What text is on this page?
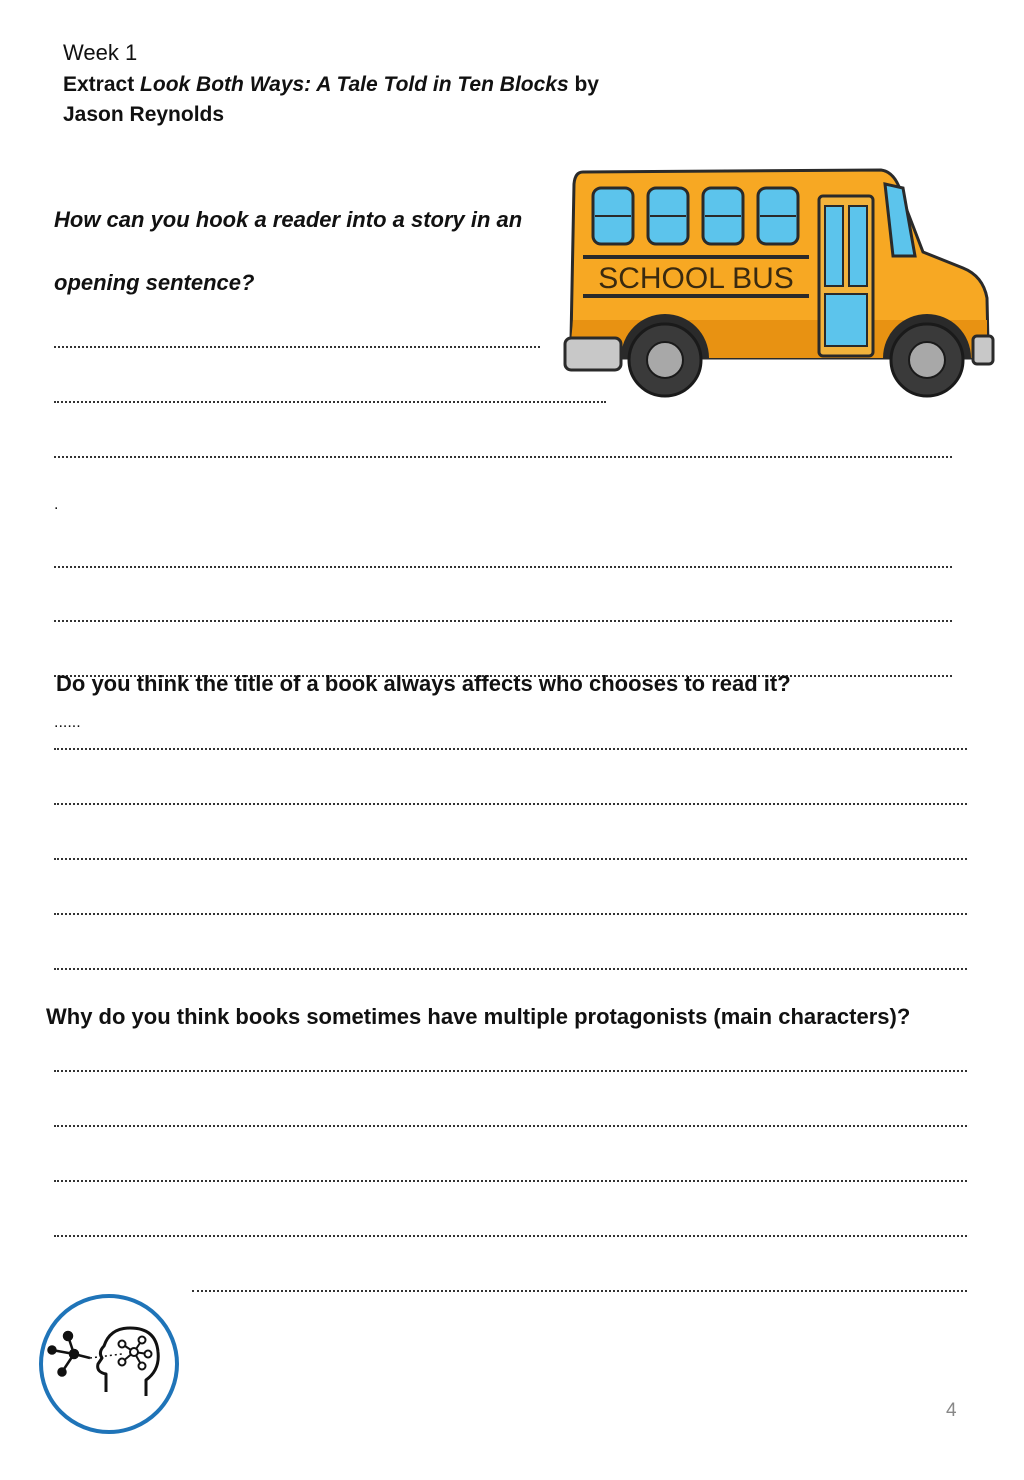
Week 1
Extract Look Both Ways: A Tale Told in Ten Blocks by
Jason Reynolds
How can you hook a reader into a story in an
opening sentence?	SCHOOL BUS
.
Do you think the title of a book always affects who chooses to read it?
......
Why do you think books sometimes have multiple protagonists (main characters)?
4
